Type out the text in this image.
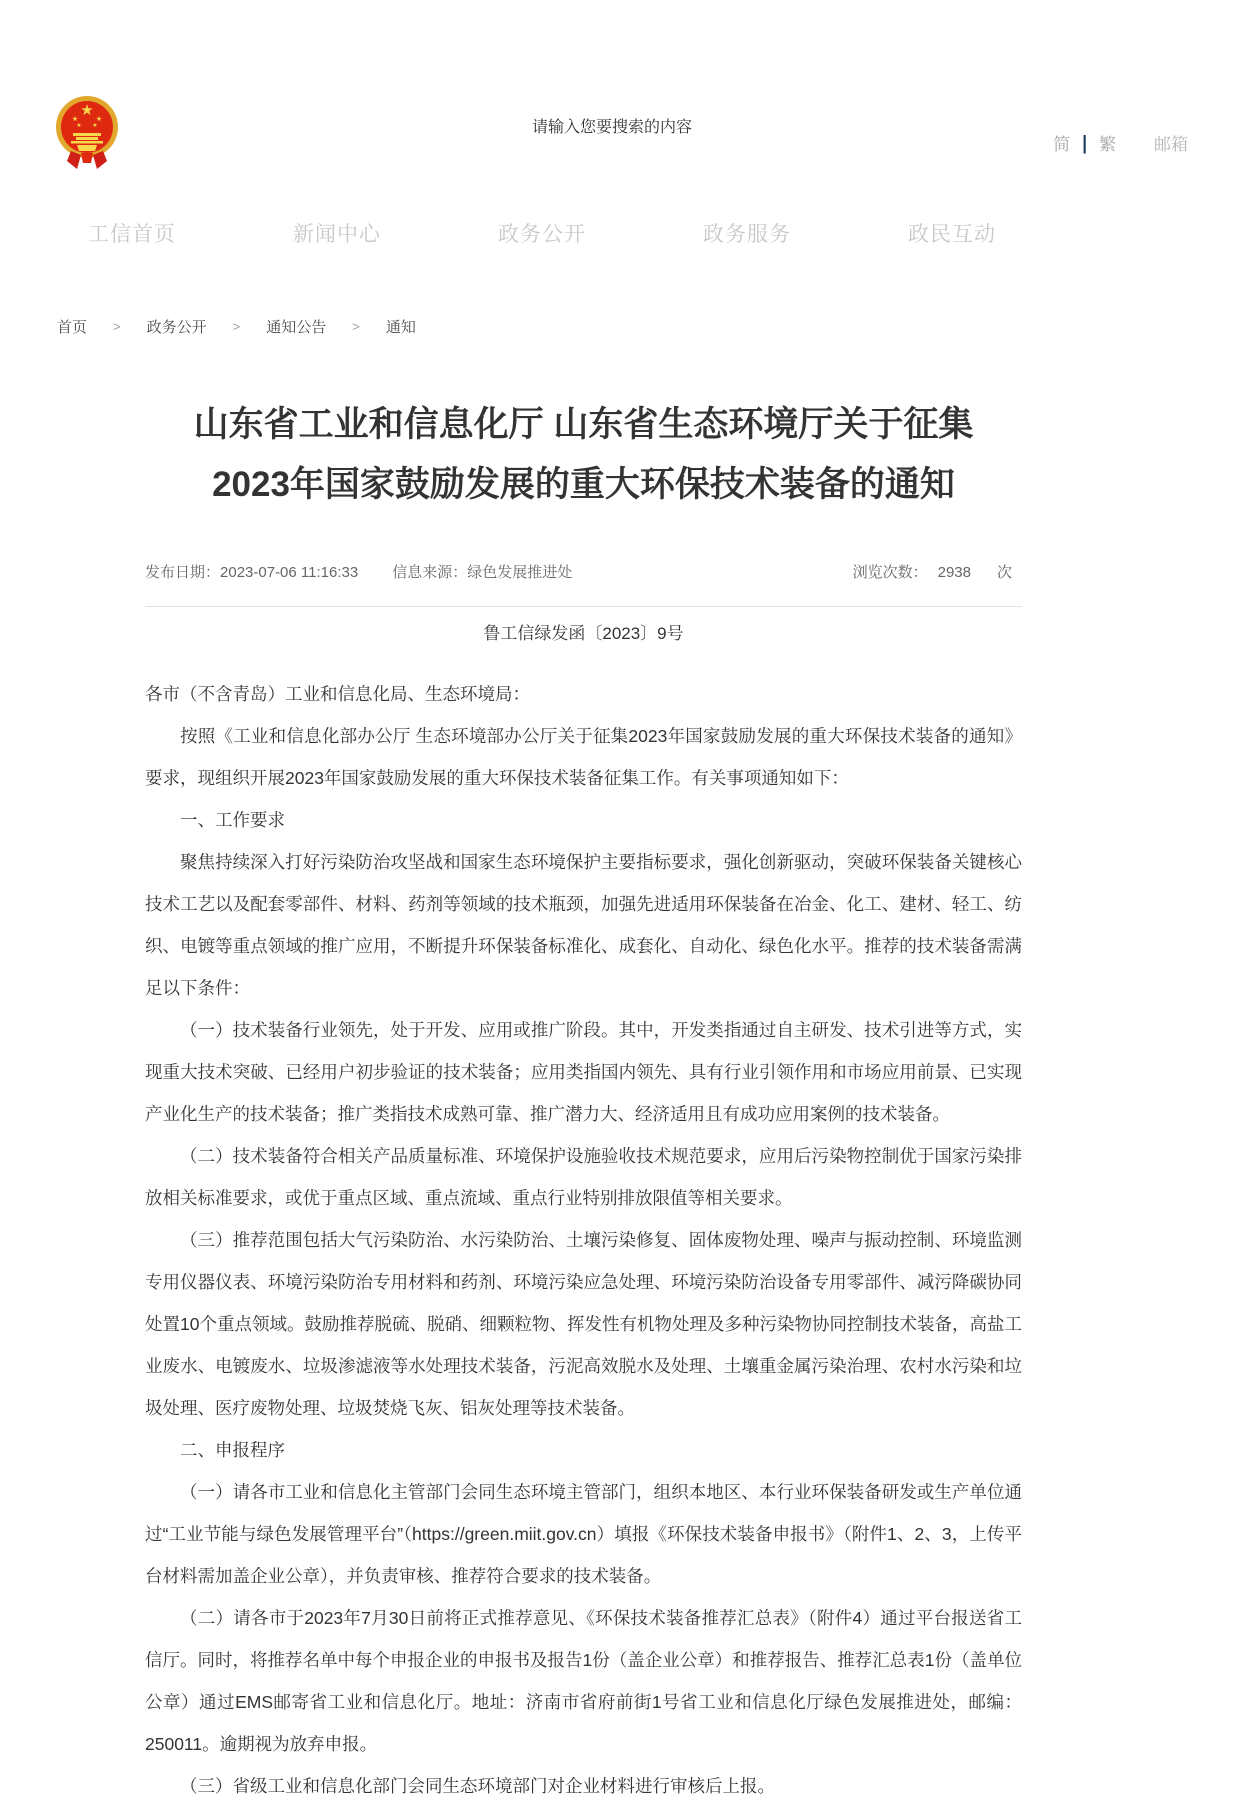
★
★	★
★ ★
请输入您要搜索的内容
简 | 繁 邮箱
工信首页	新闻中心	政务公开	政务服务	政民互动
首页 > 政务公开 > 通知公告 > 通知
山东省工业和信息化厅 山东省生态环境厅关于征集
2023年国家鼓励发展的重大环保技术装备的通知
发布日期：2023-07-06 11:16:33 信息来源：绿色发展推进处	浏览次数： 2938 次
鲁工信绿发函〔2023〕9号

各市（不含青岛）工业和信息化局、生态环境局：

按照《工业和信息化部办公厅 生态环境部办公厅关于征集2023年国家鼓励发展的重大环保技术装备的通知》要求，现组织开展2023年国家鼓励发展的重大环保技术装备征集工作。有关事项通知如下：

一、工作要求

聚焦持续深入打好污染防治攻坚战和国家生态环境保护主要指标要求，强化创新驱动，突破环保装备关键核心技术工艺以及配套零部件、材料、药剂等领域的技术瓶颈，加强先进适用环保装备在冶金、化工、建材、轻工、纺织、电镀等重点领域的推广应用，不断提升环保装备标准化、成套化、自动化、绿色化水平。推荐的技术装备需满足以下条件：

（一）技术装备行业领先，处于开发、应用或推广阶段。其中，开发类指通过自主研发、技术引进等方式，实现重大技术突破、已经用户初步验证的技术装备；应用类指国内领先、具有行业引领作用和市场应用前景、已实现产业化生产的技术装备；推广类指技术成熟可靠、推广潜力大、经济适用且有成功应用案例的技术装备。

（二）技术装备符合相关产品质量标准、环境保护设施验收技术规范要求，应用后污染物控制优于国家污染排放相关标准要求，或优于重点区域、重点流域、重点行业特别排放限值等相关要求。

（三）推荐范围包括大气污染防治、水污染防治、土壤污染修复、固体废物处理、噪声与振动控制、环境监测专用仪器仪表、环境污染防治专用材料和药剂、环境污染应急处理、环境污染防治设备专用零部件、减污降碳协同处置10个重点领域。鼓励推荐脱硫、脱硝、细颗粒物、挥发性有机物处理及多种污染物协同控制技术装备，高盐工业废水、电镀废水、垃圾渗滤液等水处理技术装备，污泥高效脱水及处理、土壤重金属污染治理、农村水污染和垃圾处理、医疗废物处理、垃圾焚烧飞灰、铝灰处理等技术装备。

二、申报程序

（一）请各市工业和信息化主管部门会同生态环境主管部门，组织本地区、本行业环保装备研发或生产单位通过“工业节能与绿色发展管理平台”（https://green.miit.gov.cn）填报《环保技术装备申报书》（附件1、2、3，上传平台材料需加盖企业公章），并负责审核、推荐符合要求的技术装备。

（二）请各市于2023年7月30日前将正式推荐意见、《环保技术装备推荐汇总表》（附件4）通过平台报送省工信厅。同时，将推荐名单中每个申报企业的申报书及报告1份（盖企业公章）和推荐报告、推荐汇总表1份（盖单位公章）通过EMS邮寄省工业和信息化厅。地址：济南市省府前街1号省工业和信息化厅绿色发展推进处，邮编：250011。逾期视为放弃申报。

（三）省级工业和信息化部门会同生态环境部门对企业材料进行审核后上报。
